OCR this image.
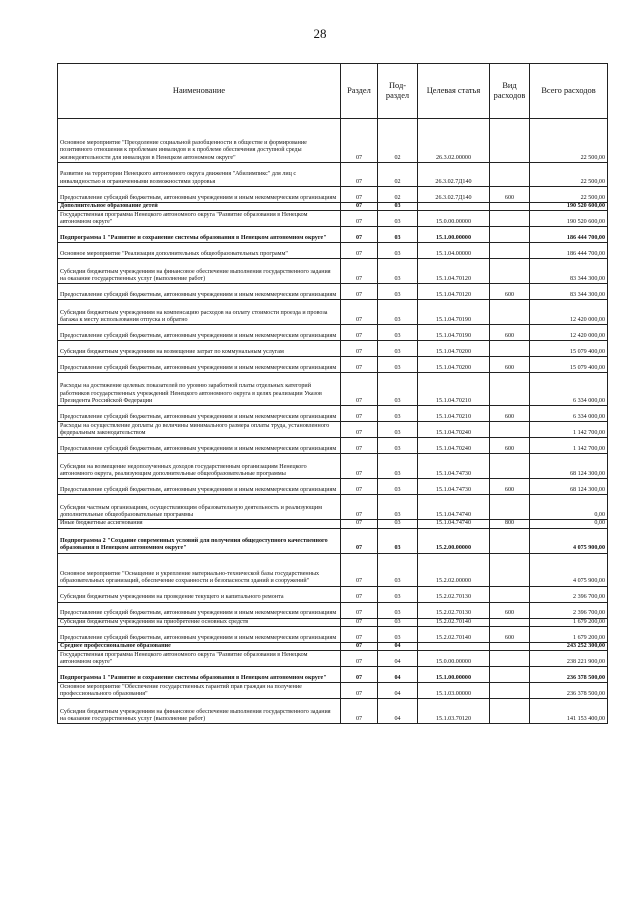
28
Наименование	Раздел	Под-раздел	Целевая статья	Вид расходов	Всего расходов
Основное мероприятие "Преодоление социальной разобщенности в обществе и формирование позитивного отношения к проблемам инвалидов и к проблеме обеспечения доступной среды жизнедеятельности для инвалидов в Ненецком автономном округе"	07	02	26.3.02.00000		22 500,00
Развитие на территории Ненецкого автономного округа движения "Абилимпикс" для лиц с инвалидностью и ограниченными возможностями здоровья	07	02	26.3.02.7Д140		22 500,00
Предоставление субсидий бюджетным, автономным учреждениям и иным некоммерческим организациям	07	02	26.3.02.7Д140	600	22 500,00
Дополнительное образование детей	07	03			190 520 600,00
Государственная программа Ненецкого автономного округа "Развитие образования в Ненецком автономном округе"	07	03	15.0.00.00000		190 520 600,00
Подпрограмма 1 "Развитие и сохранение системы образования в Ненецком автономном округе"	07	03	15.1.00.00000		186 444 700,00
Основное мероприятие "Реализация дополнительных общеобразовательных программ"	07	03	15.1.04.00000		186 444 700,00
Субсидии бюджетным учреждениям на финансовое обеспечение выполнения государственного задания на оказание государственных услуг (выполнение работ)	07	03	15.1.04.70120		83 344 300,00
Предоставление субсидий бюджетным, автономным учреждениям и иным некоммерческим организациям	07	03	15.1.04.70120	600	83 344 300,00
Субсидии бюджетным учреждениям на компенсацию расходов на оплату стоимости проезда и провоза багажа к месту использования отпуска и обратно	07	03	15.1.04.70190		12 420 000,00
Предоставление субсидий бюджетным, автономным учреждениям и иным некоммерческим организациям	07	03	15.1.04.70190	600	12 420 000,00
Субсидии бюджетным учреждениям на возмещение затрат по коммунальным услугам	07	03	15.1.04.70200		15 079 400,00
Предоставление субсидий бюджетным, автономным учреждениям и иным некоммерческим организациям	07	03	15.1.04.70200	600	15 079 400,00
Расходы на достижение целевых показателей по уровню заработной платы отдельных категорий работников государственных учреждений Ненецкого автономного округа в целях реализации Указов Президента Российской Федерации	07	03	15.1.04.70210		6 334 000,00
Предоставление субсидий бюджетным, автономным учреждениям и иным некоммерческим организациям	07	03	15.1.04.70210	600	6 334 000,00
Расходы на осуществление доплаты до величины минимального размера оплаты труда, установленного федеральным законодательством	07	03	15.1.04.70240		1 142 700,00
Предоставление субсидий бюджетным, автономным учреждениям и иным некоммерческим организациям	07	03	15.1.04.70240	600	1 142 700,00
Субсидии на возмещение недополученных доходов государственным организациям Ненецкого автономного округа, реализующим дополнительные общеобразовательные программы	07	03	15.1.04.74730		68 124 300,00
Предоставление субсидий бюджетным, автономным учреждениям и иным некоммерческим организациям	07	03	15.1.04.74730	600	68 124 300,00
Субсидии частным организациям, осуществляющим образовательную деятельность и реализующим дополнительные общеобразовательные программы	07	03	15.1.04.74740		0,00
Иные бюджетные ассигнования	07	03	15.1.04.74740	800	0,00
Подпрограмма 2 "Создание современных условий для получения общедоступного качественного образования в Ненецком автономном округе"	07	03	15.2.00.00000		4 075 900,00
Основное мероприятие "Оснащение и укрепление материально-технической базы государственных образовательных организаций, обеспечение сохранности и безопасности зданий и сооружений"	07	03	15.2.02.00000		4 075 900,00
Субсидии бюджетным учреждениям на проведение текущего и капитального ремонта	07	03	15.2.02.70130		2 396 700,00
Предоставление субсидий бюджетным, автономным учреждениям и иным некоммерческим организациям	07	03	15.2.02.70130	600	2 396 700,00
Субсидии бюджетным учреждениям на приобретение основных средств	07	03	15.2.02.70140		1 679 200,00
Предоставление субсидий бюджетным, автономным учреждениям и иным некоммерческим организациям	07	03	15.2.02.70140	600	1 679 200,00
Среднее профессиональное образование	07	04			243 252 300,00
Государственная программа Ненецкого автономного округа "Развитие образования в Ненецком автономном округе"	07	04	15.0.00.00000		238 221 900,00
Подпрограмма 1 "Развитие и сохранение системы образования в Ненецком автономном округе"	07	04	15.1.00.00000		236 378 500,00
Основное мероприятие "Обеспечение государственных гарантий прав граждан на получение профессионального образования"	07	04	15.1.03.00000		236 378 500,00
Субсидии бюджетным учреждениям на финансовое обеспечение выполнения государственного задания на оказание государственных услуг (выполнение работ)	07	04	15.1.03.70120		141 153 400,00
